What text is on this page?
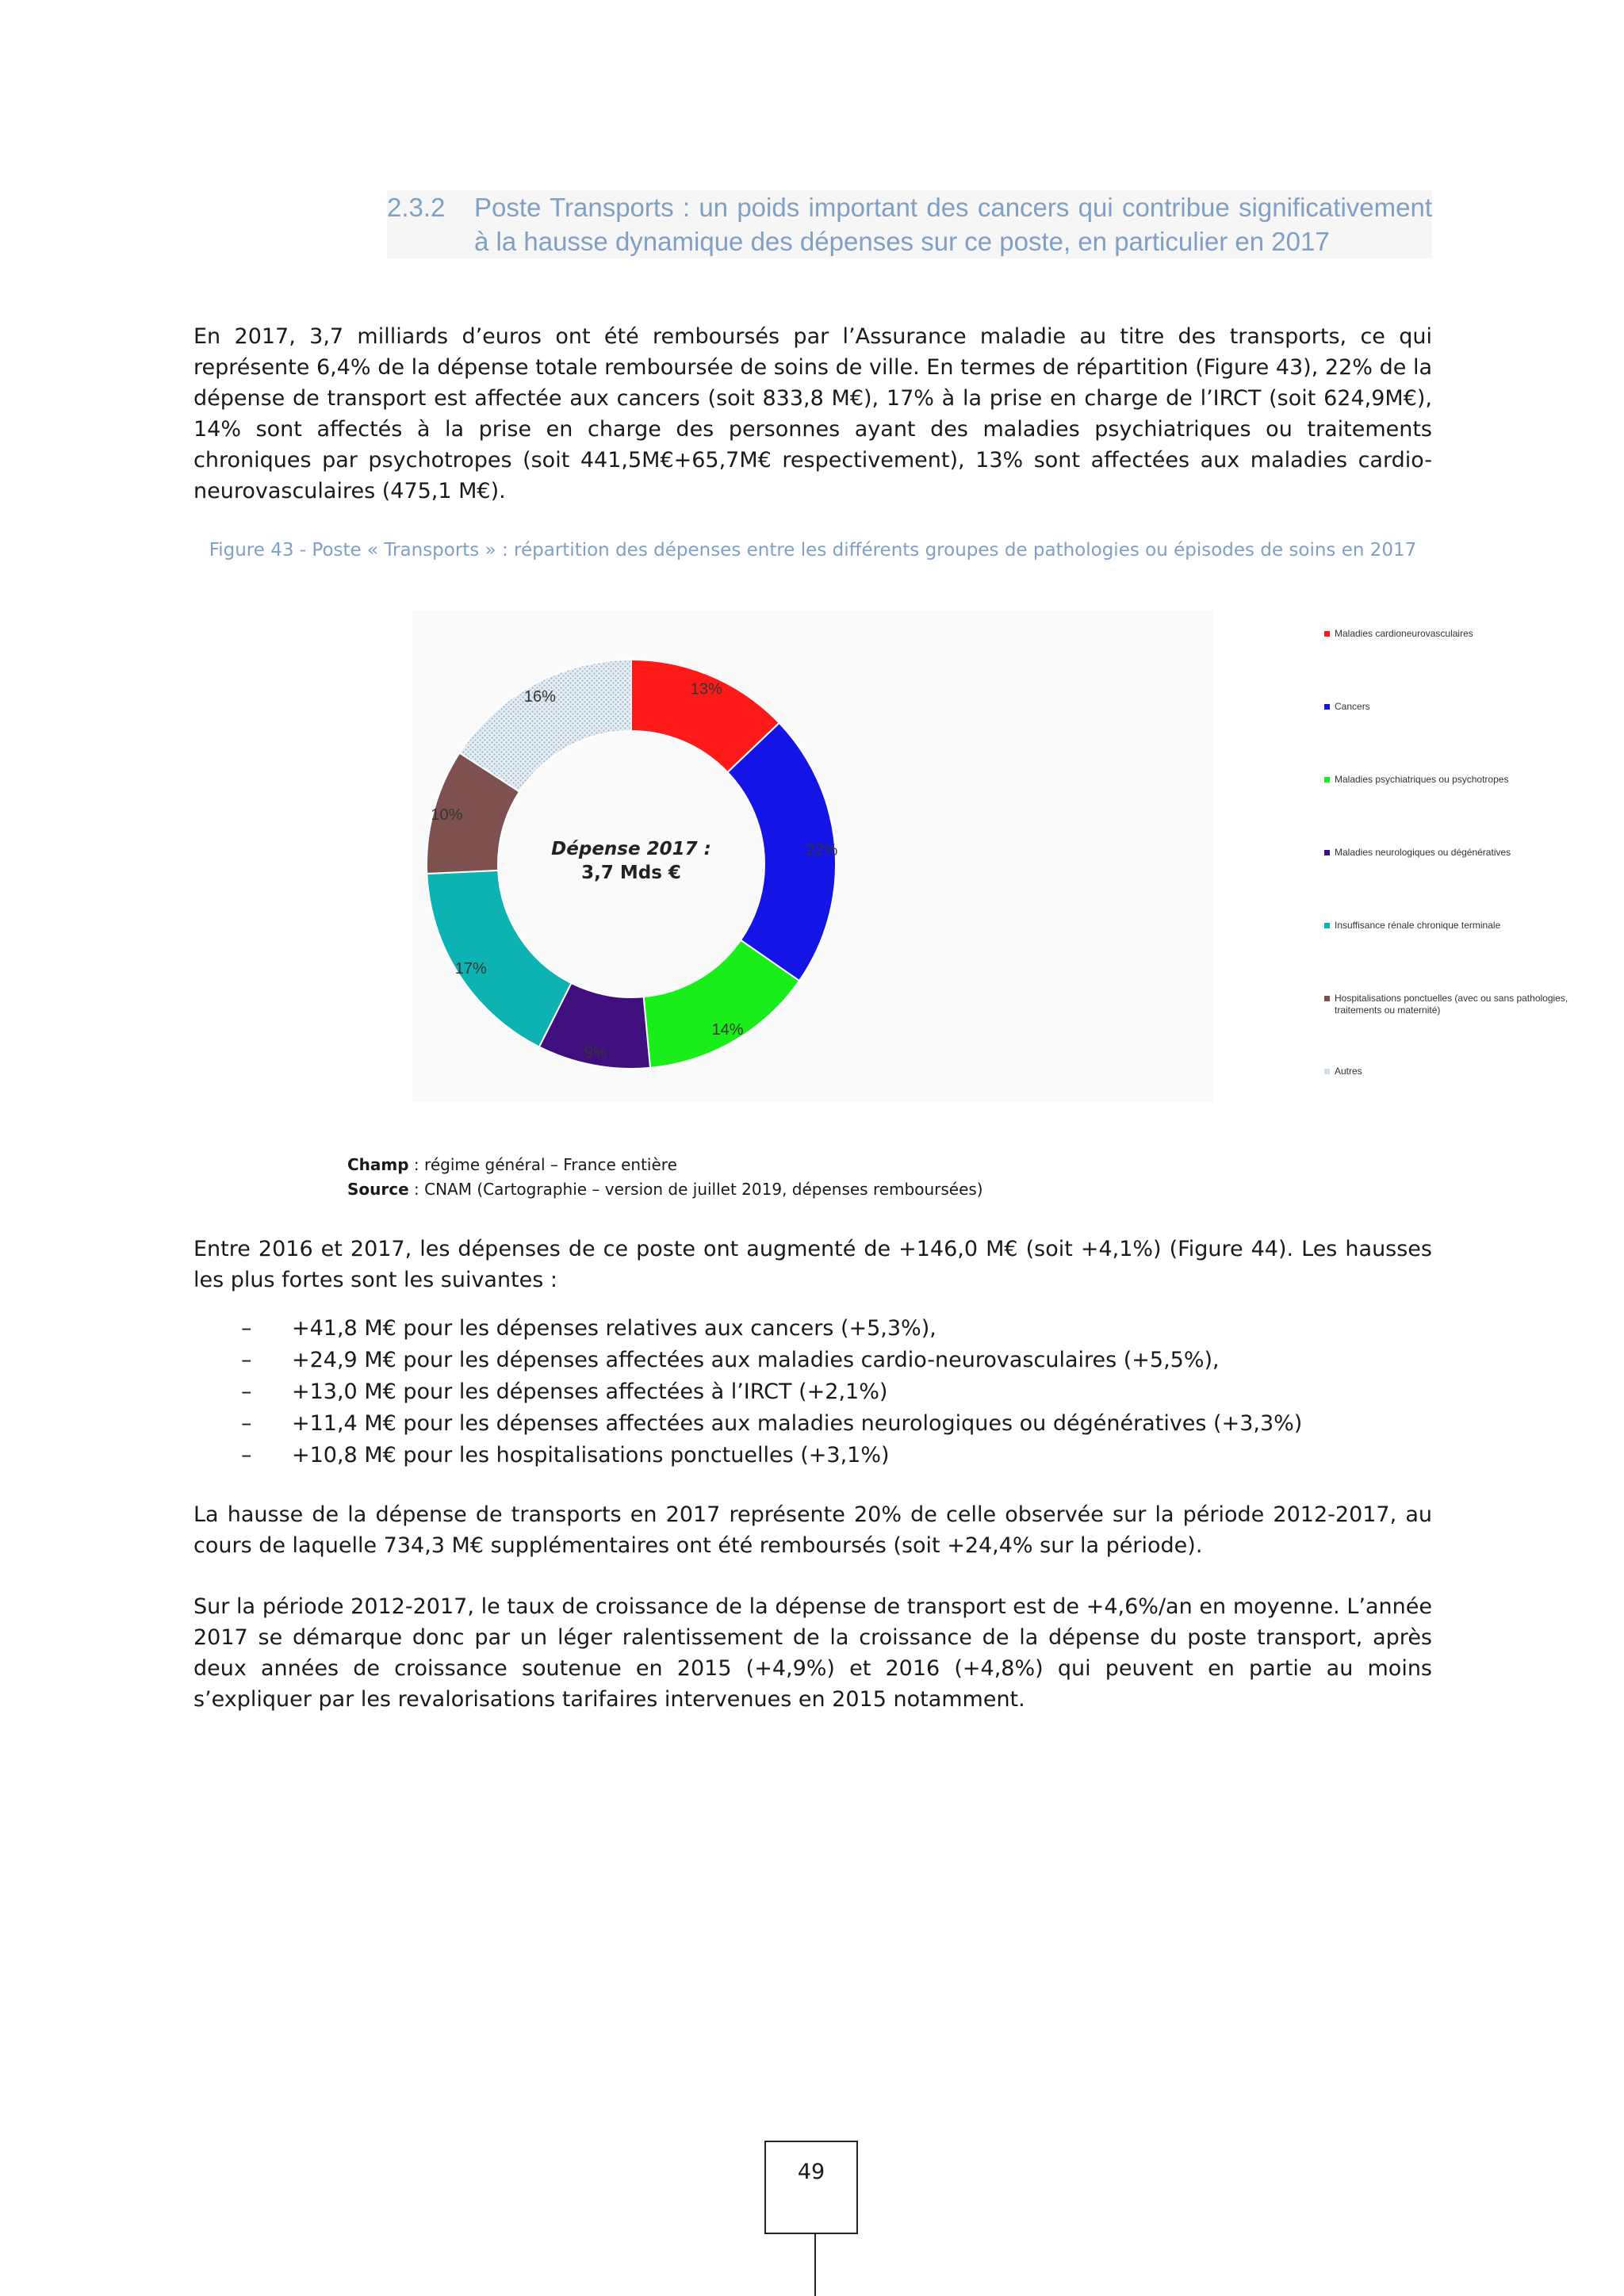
2.3.2 Poste Transports : un poids important des cancers qui contribue significativement à la hausse dynamique des dépenses sur ce poste, en particulier en 2017

En 2017, 3,7 milliards d’euros ont été remboursés par l’Assurance maladie au titre des transports, ce qui représente 6,4% de la dépense totale remboursée de soins de ville. En termes de répartition (Figure 43), 22% de la dépense de transport est affectée aux cancers (soit 833,8 M€), 17% à la prise en charge de l’IRCT (soit 624,9M€), 14% sont affectés à la prise en charge des personnes ayant des maladies psychiatriques ou traitements chroniques par psychotropes (soit 441,5M€+65,7M€ respectivement), 13% sont affectées aux maladies cardio-neurovasculaires (475,1 M€).

Figure 43 - Poste « Transports » : répartition des dépenses entre les différents groupes de pathologies ou épisodes de soins en 2017
13%
22%
14%
9%
17%
10%
16%
Dépense 2017 :
3,7 Mds €
Maladies cardioneurovasculaires
Cancers
Maladies psychiatriques ou psychotropes
Maladies neurologiques ou dégénératives
Insuffisance rénale chronique terminale
Hospitalisations ponctuelles (avec ou sans pathologies, traitements ou maternité)
Autres
Champ : régime général – France entière
Source : CNAM (Cartographie – version de juillet 2019, dépenses remboursées)

Entre 2016 et 2017, les dépenses de ce poste ont augmenté de +146,0 M€ (soit +4,1%) (Figure 44). Les hausses les plus fortes sont les suivantes :

– +41,8 M€ pour les dépenses relatives aux cancers (+5,3%),
– +24,9 M€ pour les dépenses affectées aux maladies cardio-neurovasculaires (+5,5%),
– +13,0 M€ pour les dépenses affectées à l’IRCT (+2,1%)
– +11,4 M€ pour les dépenses affectées aux maladies neurologiques ou dégénératives (+3,3%)
– +10,8 M€ pour les hospitalisations ponctuelles (+3,1%)

La hausse de la dépense de transports en 2017 représente 20% de celle observée sur la période 2012-2017, au cours de laquelle 734,3 M€ supplémentaires ont été remboursés (soit +24,4% sur la période).

Sur la période 2012-2017, le taux de croissance de la dépense de transport est de +4,6%/an en moyenne. L’année 2017 se démarque donc par un léger ralentissement de la croissance de la dépense du poste transport, après deux années de croissance soutenue en 2015 (+4,9%) et 2016 (+4,8%) qui peuvent en partie au moins s’expliquer par les revalorisations tarifaires intervenues en 2015 notamment.

49
